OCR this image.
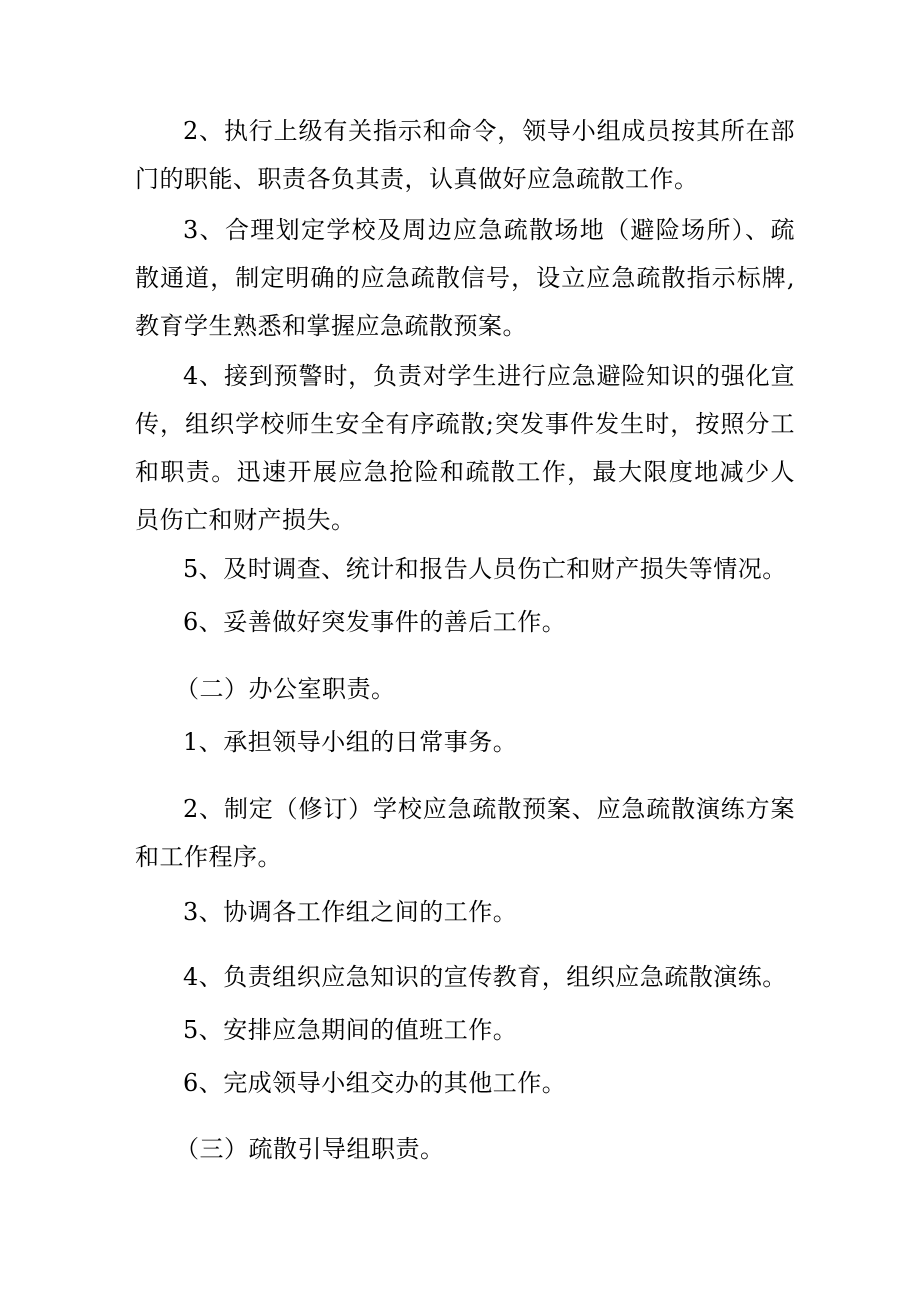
2、执行上级有关指示和命令，领导小组成员按其所在部门的职能、职责各负其责，认真做好应急疏散工作。

3、合理划定学校及周边应急疏散场地（避险场所）、疏散通道，制定明确的应急疏散信号，设立应急疏散指示标牌,教育学生熟悉和掌握应急疏散预案。

4、接到预警时，负责对学生进行应急避险知识的强化宣传，组织学校师生安全有序疏散;突发事件发生时，按照分工和职责。迅速开展应急抢险和疏散工作，最大限度地减少人员伤亡和财产损失。

5、及时调查、统计和报告人员伤亡和财产损失等情况。

6、妥善做好突发事件的善后工作。

（二）办公室职责。

1、承担领导小组的日常事务。

2、制定（修订）学校应急疏散预案、应急疏散演练方案和工作程序。

3、协调各工作组之间的工作。

4、负责组织应急知识的宣传教育，组织应急疏散演练。

5、安排应急期间的值班工作。

6、完成领导小组交办的其他工作。

（三）疏散引导组职责。
